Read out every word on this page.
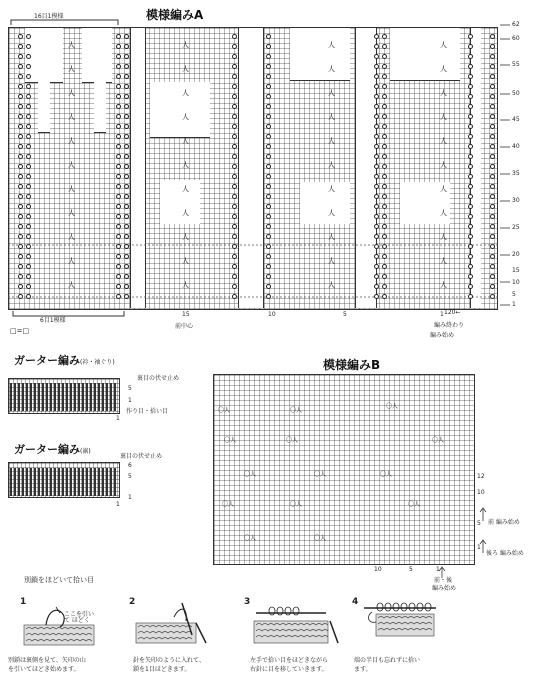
模様編みA
16目1模様
人
人
人
人
人
人
人
人
人
人
人
人
人
人
人
人
人
人
人
人
人
人
人
人
人
人
人
人
人
人
人
人
人
人
人
人
人
人
人
人
人
人
人
人
62
60
55
50
45
40
35
30
25
20
15
10
5
1
6目1模様
15
前中心
10	5	1 120←
編み終わり
編み始め
□=□
ガーター編み(衿・袖ぐり)
裏目の伏せ止め
5
1
作り目・拾い目
1
ガーター編み(裾)
裏目の伏せ止め
6
5
1
1
模様編みB
〇人	〇人
〇人
〇人	〇人	〇人
〇人	〇人	〇人
〇人	〇人	〇人
〇人	〇人
10	5	1
12
10
5
1
前 編み始め
後ろ 編み始め
前・後
編み始め
別鎖をほどいて拾い目
1	2	3	4
ここを引いて ほどく
別鎖は裏側を見て、矢印の山
を引いてほどき始めます。
針を矢印のように入れて、
鎖を1目ほどきます。
左手で拾い目をほどきながら
右針に目を移していきます。
端の半目も忘れずに拾い
ます。
